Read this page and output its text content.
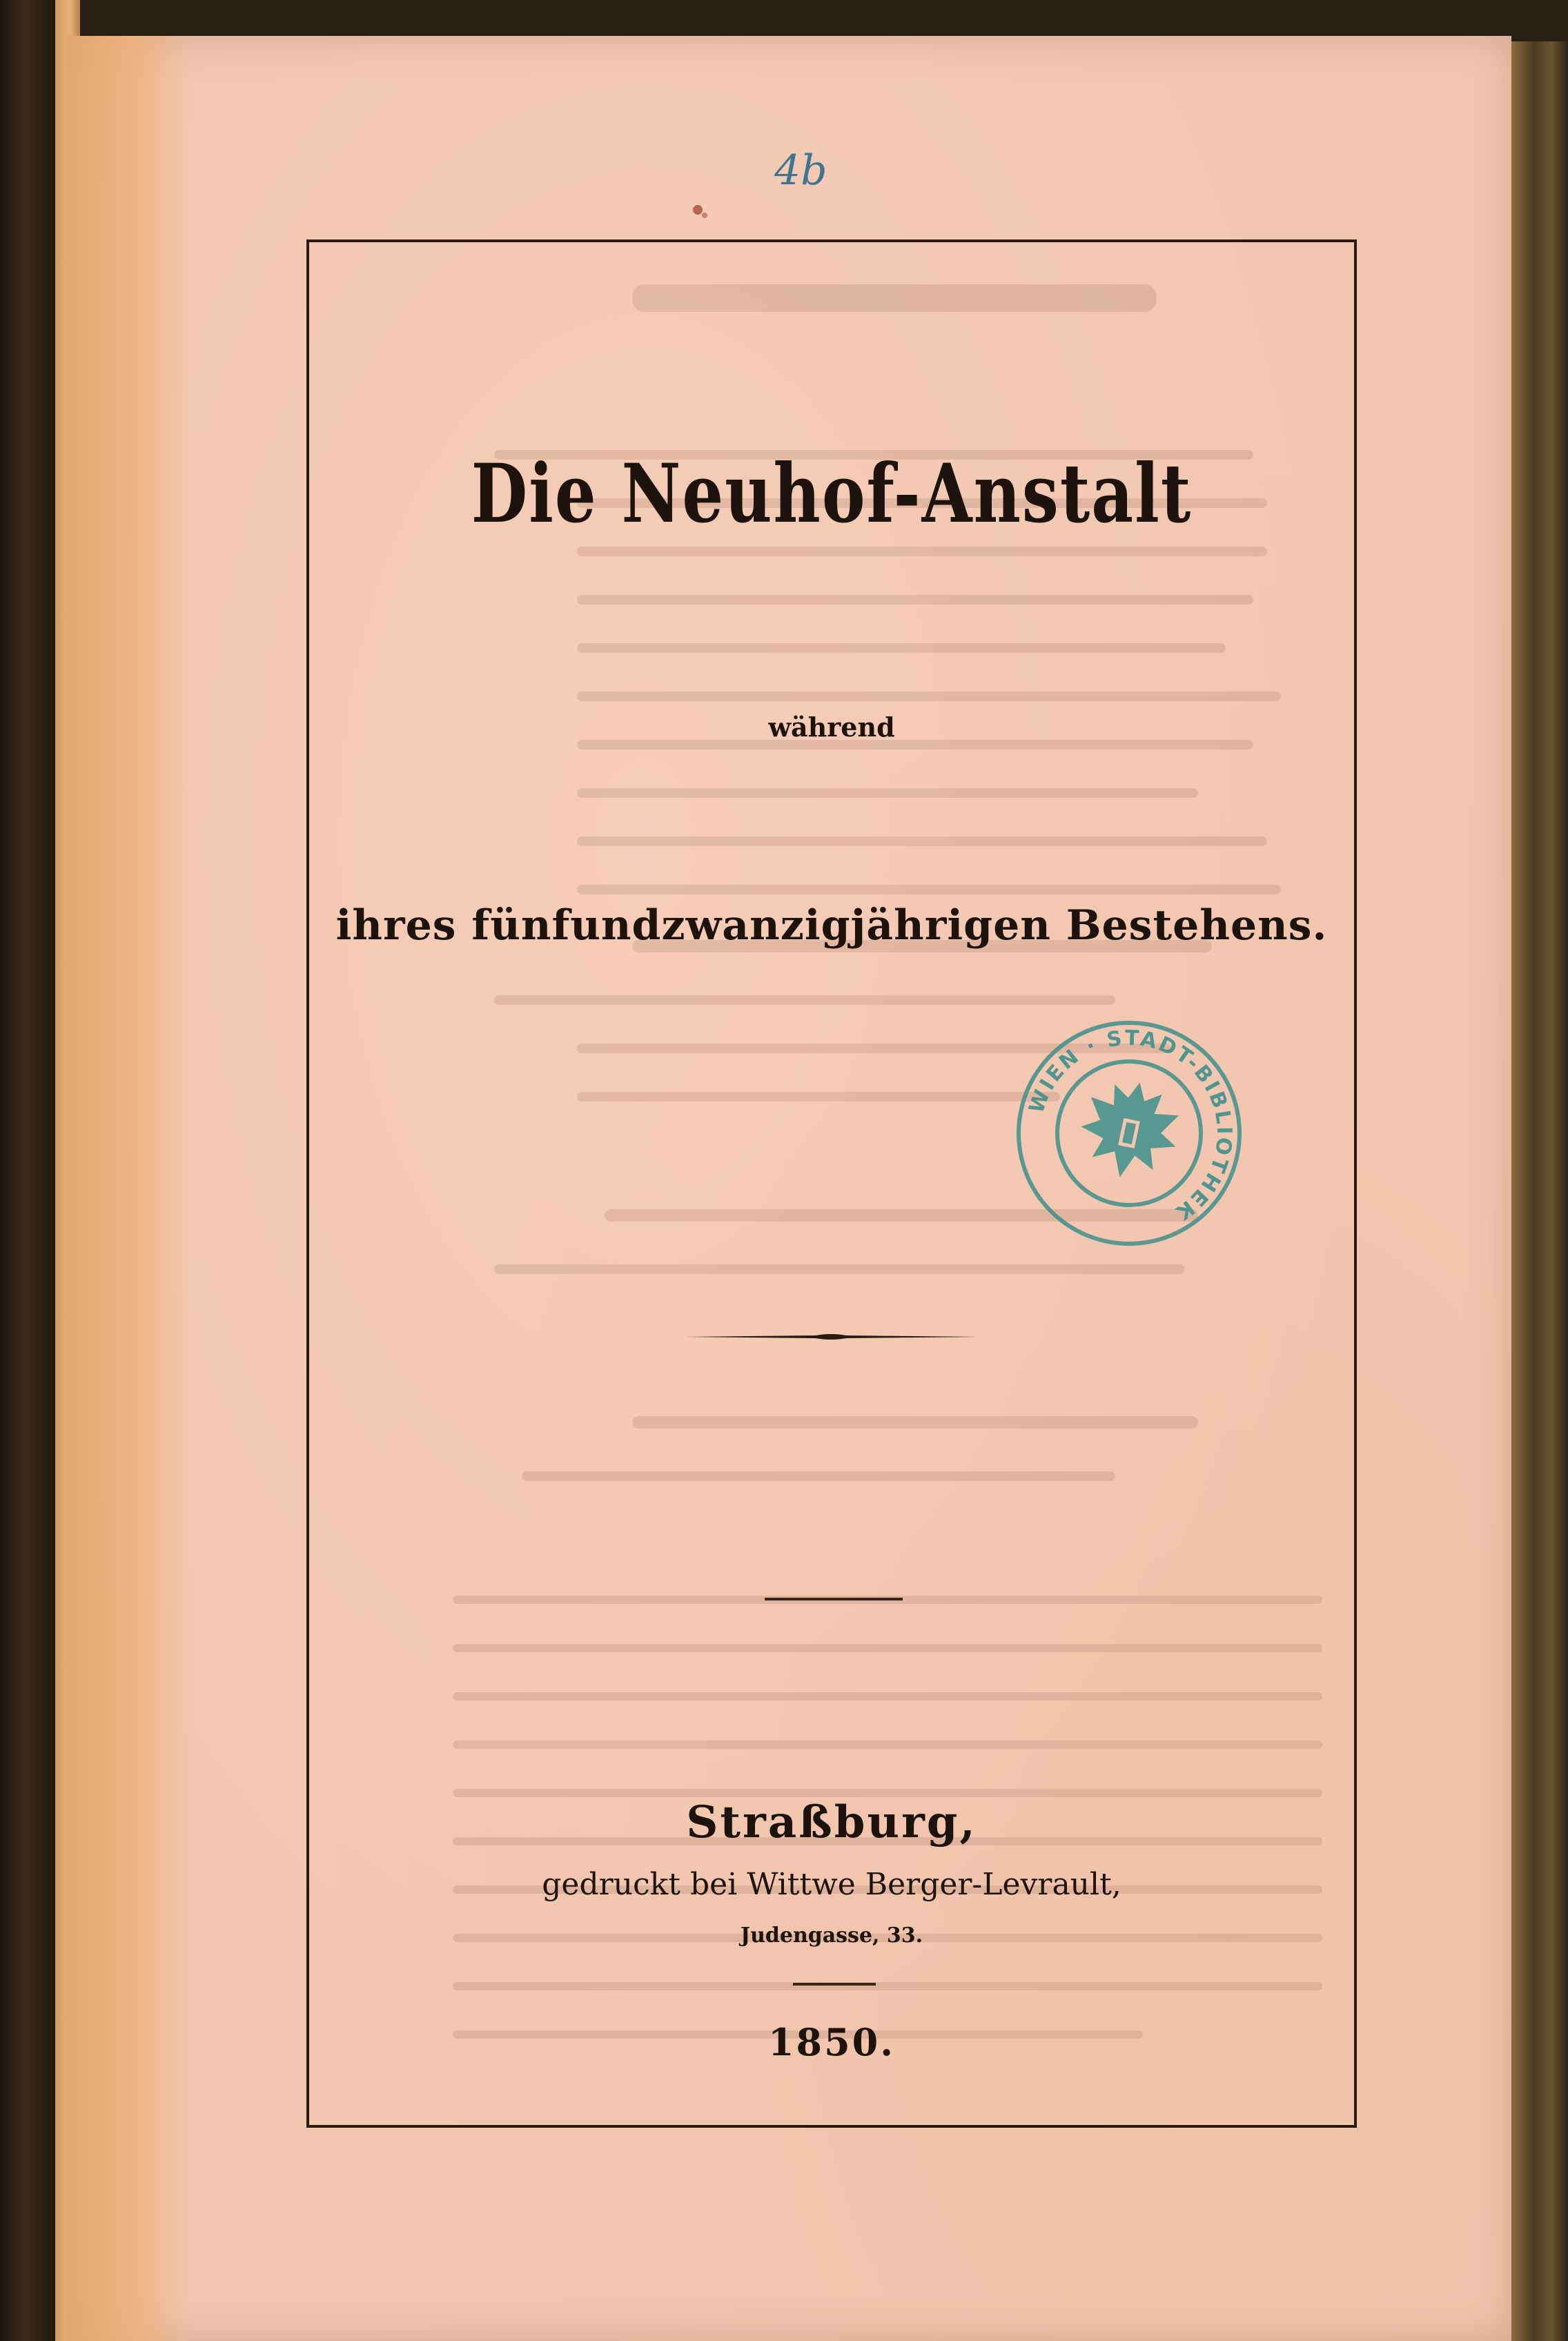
4b
Die Neuhof-Anstalt
während
ihres fünfundzwanzigjährigen Bestehens.
Straßburg,
gedruckt bei Wittwe Berger-Levrault,
Judengasse, 33.
1850.
WIEN · STADT-BIBLIOTHEK
